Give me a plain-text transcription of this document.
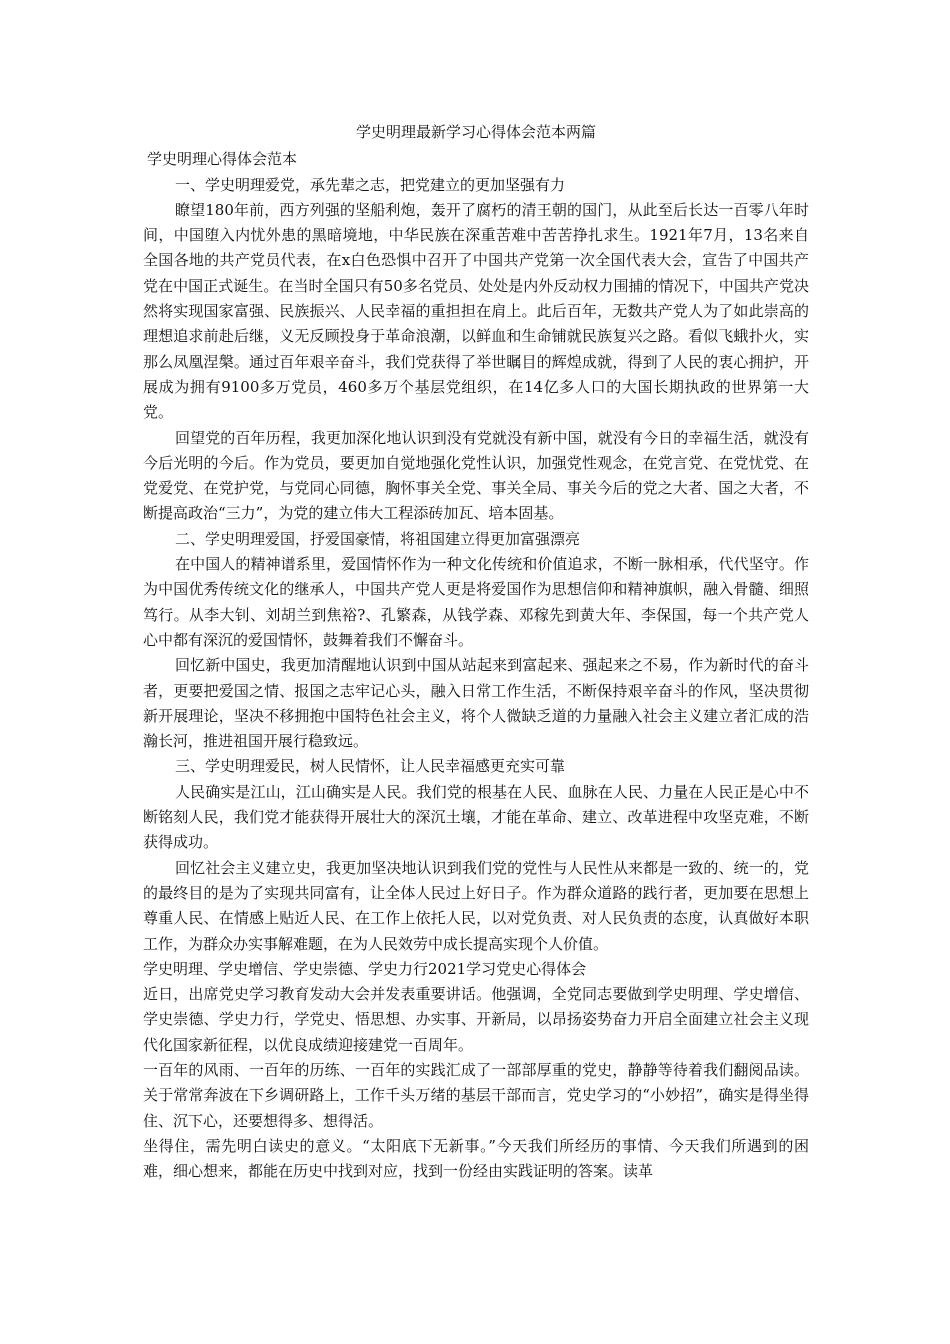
学史明理最新学习心得体会范本两篇

学史明理心得体会范本

一、学史明理爱党，承先辈之志，把党建立的更加坚强有力

瞭望180年前，西方列强的坚船利炮，轰开了腐朽的清王朝的国门，从此至后长达一百零八年时间，中国堕入内忧外患的黑暗境地，中华民族在深重苦难中苦苦挣扎求生。1921年7月，13名来自全国各地的共产党员代表，在x白色恐惧中召开了中国共产党第一次全国代表大会，宣告了中国共产党在中国正式诞生。在当时全国只有50多名党员、处处是内外反动权力围捕的情况下，中国共产党决然将实现国家富强、民族振兴、人民幸福的重担担在肩上。此后百年，无数共产党人为了如此崇高的理想追求前赴后继，义无反顾投身于革命浪潮，以鲜血和生命铺就民族复兴之路。看似飞蛾扑火，实那么凤凰涅槃。通过百年艰辛奋斗，我们党获得了举世瞩目的辉煌成就，得到了人民的衷心拥护，开展成为拥有9100多万党员，460多万个基层党组织，在14亿多人口的大国长期执政的世界第一大党。

回望党的百年历程，我更加深化地认识到没有党就没有新中国，就没有今日的幸福生活，就没有今后光明的今后。作为党员，要更加自觉地强化党性认识，加强党性观念，在党言党、在党忧党、在党爱党、在党护党，与党同心同德，胸怀事关全党、事关全局、事关今后的党之大者、国之大者，不断提高政治“三力”，为党的建立伟大工程添砖加瓦、培本固基。

二、学史明理爱国，抒爱国豪情，将祖国建立得更加富强漂亮

在中国人的精神谱系里，爱国情怀作为一种文化传统和价值追求，不断一脉相承，代代坚守。作为中国优秀传统文化的继承人，中国共产党人更是将爱国作为思想信仰和精神旗帜，融入骨髓、细照笃行。从李大钊、刘胡兰到焦裕?、孔繁森，从钱学森、邓稼先到黄大年、李保国，每一个共产党人心中都有深沉的爱国情怀，鼓舞着我们不懈奋斗。

回忆新中国史，我更加清醒地认识到中国从站起来到富起来、强起来之不易，作为新时代的奋斗者，更要把爱国之情、报国之志牢记心头，融入日常工作生活，不断保持艰辛奋斗的作风，坚决贯彻新开展理论，坚决不移拥抱中国特色社会主义，将个人微缺乏道的力量融入社会主义建立者汇成的浩瀚长河，推进祖国开展行稳致远。

三、学史明理爱民，树人民情怀，让人民幸福感更充实可靠

人民确实是江山，江山确实是人民。我们党的根基在人民、血脉在人民、力量在人民正是心中不断铭刻人民，我们党才能获得开展壮大的深沉土壤，才能在革命、建立、改革进程中攻坚克难，不断获得成功。

回忆社会主义建立史，我更加坚决地认识到我们党的党性与人民性从来都是一致的、统一的，党的最终目的是为了实现共同富有，让全体人民过上好日子。作为群众道路的践行者，更加要在思想上尊重人民、在情感上贴近人民、在工作上依托人民，以对党负责、对人民负责的态度，认真做好本职工作，为群众办实事解难题，在为人民效劳中成长提高实现个人价值。

学史明理、学史增信、学史崇德、学史力行2021学习党史心得体会

近日，出席党史学习教育发动大会并发表重要讲话。他强调，全党同志要做到学史明理、学史增信、学史崇德、学史力行，学党史、悟思想、办实事、开新局，以昂扬姿势奋力开启全面建立社会主义现代化国家新征程，以优良成绩迎接建党一百周年。

一百年的风雨、一百年的历练、一百年的实践汇成了一部部厚重的党史，静静等待着我们翻阅品读。关于常常奔波在下乡调研路上，工作千头万绪的基层干部而言，党史学习的“小妙招”，确实是得坐得住、沉下心，还要想得多、想得活。

坐得住，需先明白读史的意义。“太阳底下无新事。”今天我们所经历的事情、今天我们所遇到的困难，细心想来，都能在历史中找到对应，找到一份经由实践证明的答案。读革
